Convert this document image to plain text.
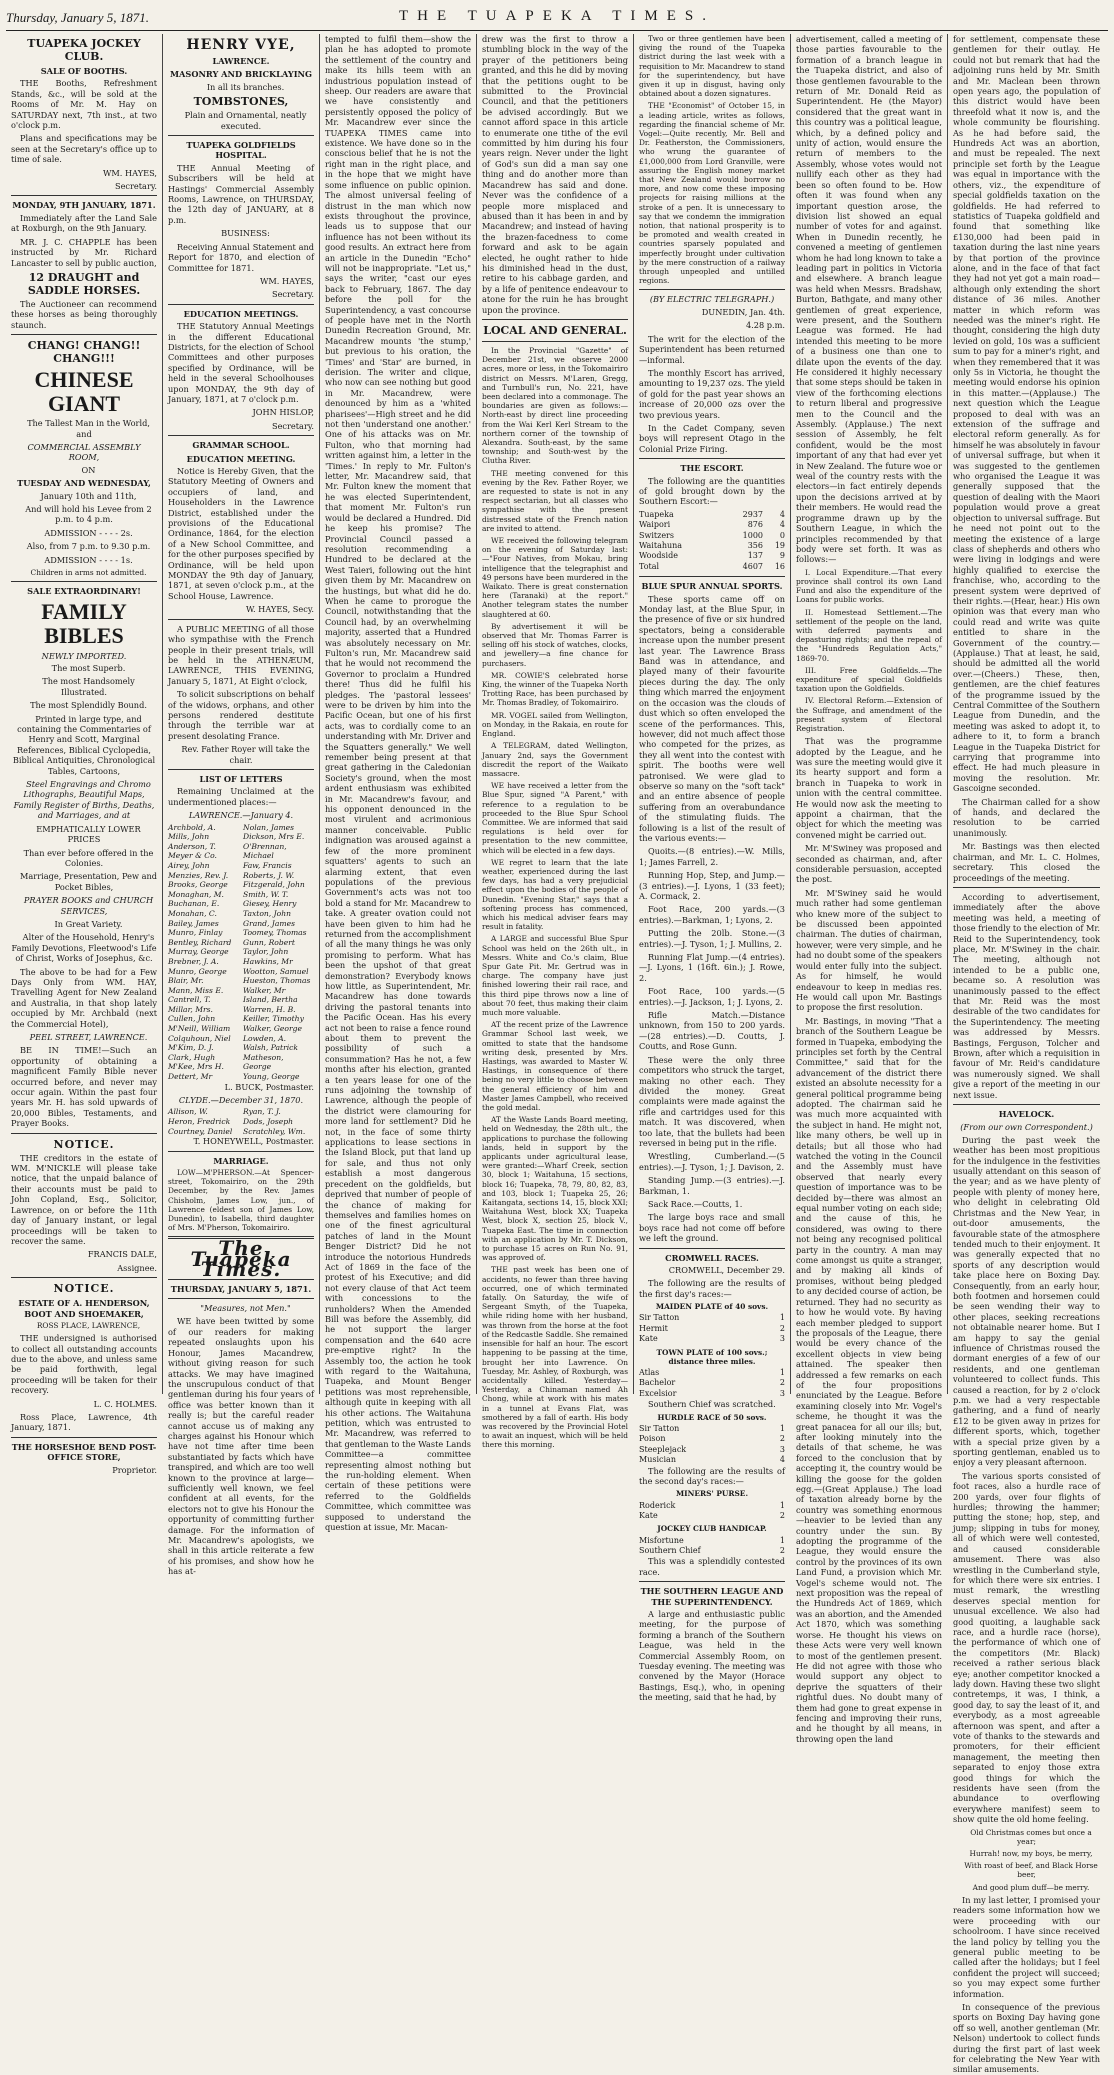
Thursday, January 5, 1871.	THE TUAPEKA TIMES.
TUAPEKA JOCKEY CLUB.
SALE OF BOOTHS.

THE Booths, Refreshment Stands, &c., will be sold at the Rooms of Mr. M. Hay on SATURDAY next, 7th inst., at two o'clock p.m.

Plans and specifications may be seen at the Secretary's office up to time of sale.

WM. HAYES,

Secretary.

MONDAY, 9TH JANUARY, 1871.

Immediately after the Land Sale at Roxburgh, on the 9th January.

MR. J. C. CHAPPLE has been instructed by Mr. Richard Lancaster to sell by public auction,

12 DRAUGHT and SADDLE HORSES.

The Auctioneer can recommend these horses as being thoroughly staunch.

CHANG! CHANG!! CHANG!!!
CHINESE GIANT

The Tallest Man in the World, and

COMMERCIAL ASSEMBLY ROOM,

ON

TUESDAY AND WEDNESDAY,

January 10th and 11th,

And will hold his Levee from 2 p.m. to 4 p.m.

ADMISSION - - - - 2s.

Also, from 7 p.m. to 9.30 p.m.

ADMISSION - - - - 1s.

Children in arms not admitted.

SALE EXTRAORDINARY!
FAMILY BIBLES
NEWLY IMPORTED.

The most Superb.

The most Handsomely Illustrated.

The most Splendidly Bound.

Printed in large type, and containing the Commentaries of Henry and Scott, Marginal References, Biblical Cyclopedia, Biblical Antiquities, Chronological Tables, Cartoons,

Steel Engravings and Chromo Lithographs, Beautiful Maps, Family Register of Births, Deaths, and Marriages, and at

EMPHATICALLY LOWER PRICES

Than ever before offered in the Colonies.

Marriage, Presentation, Pew and Pocket Bibles,

PRAYER BOOKS and CHURCH SERVICES,

In Great Variety.

Alter of the Household, Henry's Family Devotions, Fleetwood's Life of Christ, Works of Josephus, &c.

The above to be had for a Few Days Only from WM. HAY, Travelling Agent for New Zealand and Australia, in that shop lately occupied by Mr. Archbald (next the Commercial Hotel),

PEEL STREET, LAWRENCE.

BE IN TIME!—Such an opportunity of obtaining a magnificent Family Bible never occurred before, and never may occur again. Within the past four years Mr. H. has sold upwards of 20,000 Bibles, Testaments, and Prayer Books.

NOTICE.

THE creditors in the estate of WM. M'NICKLE will please take notice, that the unpaid balance of their accounts must be paid to John Copland, Esq., Solicitor, Lawrence, on or before the 11th day of January instant, or legal proceedings will be taken to recover the same.

FRANCIS DALE,

Assignee.

NOTICE.
ESTATE OF A. HENDERSON, BOOT AND SHOEMAKER,

ROSS PLACE, LAWRENCE,

THE undersigned is authorised to collect all outstanding accounts due to the above, and unless same be paid forthwith, legal proceeding will be taken for their recovery.

L. C. HOLMES.

Ross Place, Lawrence, 4th January, 1871.

THE HORSESHOE BEND POST-OFFICE STORE,

Proprietor.

HENRY VYE,
LAWRENCE.
MASONRY AND BRICKLAYING

In all its branches.

TOMBSTONES,

Plain and Ornamental, neatly executed.

TUAPEKA GOLDFIELDS HOSPITAL.

THE Annual Meeting of Subscribers will be held at Hastings' Commercial Assembly Rooms, Lawrence, on THURSDAY, the 12th day of JANUARY, at 8 p.m.

BUSINESS:

Receiving Annual Statement and Report for 1870, and election of Committee for 1871.

WM. HAYES,

Secretary.

EDUCATION MEETINGS.

THE Statutory Annual Meetings in the different Educational Districts, for the election of School Committees and other purposes specified by Ordinance, will be held in the several Schoolhouses upon MONDAY, the 9th day of January, 1871, at 7 o'clock p.m.

JOHN HISLOP,

Secretary.

GRAMMAR SCHOOL.
EDUCATION MEETING.

Notice is Hereby Given, that the Statutory Meeting of Owners and occupiers of land, and Householders in the Lawrence District, established under the provisions of the Educational Ordinance, 1864, for the election of a New School Committee, and for the other purposes specified by Ordinance, will be held upon MONDAY the 9th day of January, 1871, at seven o'clock p.m., at the School House, Lawrence.

W. HAYES, Secy.

A PUBLIC MEETING of all those who sympathise with the French people in their present trials, will be held in the ATHENÆUM, LAWRENCE, THIS EVENING, January 5, 1871, At Eight o'clock,

To solicit subscriptions on behalf of the widows, orphans, and other persons rendered destitute through the terrible war at present desolating France.

Rev. Father Royer will take the chair.

LIST OF LETTERS

Remaining Unclaimed at the undermentioned places:—

LAWRENCE.—January 4.
Archbold, A.
Mills, John
Anderson, T.
Meyer & Co.
Airey, John
Menzies, Rev. J.
Brooks, George
Monaghan, M.
Buchanan, E.
Monahan, C.
Bailey, James
Munro, Finlay
Bentley, Richard
Murray, George
Brebner, J. A.
Munro, George
Blair, Mr.
Mann, Miss E.
Cantrell, T.
Millar, Mrs.
Cullen, John
M'Neill, William
Colquhoun, Niel
M'Kim, D. J.
Clark, Hugh
M'Kee, Mrs H.
Dettert, Mr
Nolan, James
Dickson, Mrs E.
O'Brennan, Michael
Faw, Francis
Roberts, J. W.
Fitzgerald, John
Smith, W. T.
Giesey, Henry
Taxton, John
Grand, James
Toomey, Thomas
Gunn, Robert
Taylor, John
Hawkins, Mr
Wootton, Samuel
Hueston, Thomas
Walker, Mr
Island, Bertha
Warren, H. B.
Keiller, Timothy
Walker, George
Lowden, A.
Walsh, Patrick
Matheson, George
Young, George

L. BUCK, Postmaster.

CLYDE.—December 31, 1870.
Allison, W.
Heron, Fredrick
Courtney, Daniel
Ryan, T. J.
Dods, Joseph
Scratchley, Wm.

T. HONEYWELL, Postmaster.

MARRIAGE.

LOW—M'PHERSON.—At Spencer-street, Tokomairiro, on the 29th December, by the Rev. James Chisholm, James Low, jun., of Lawrence (eldest son of James Low, Dunedin), to Isabella, third daughter of Mrs. M'Pherson, Tokomairiro.

The Tuapeka Times.
THURSDAY, JANUARY 5, 1871.

"Measures, not Men."

WE have been twitted by some of our readers for making repeated onslaughts upon his Honour, James Macandrew, without giving reason for such attacks. We may have imagined the unscrupulous conduct of that gentleman during his four years of office was better known than it really is; but the careful reader cannot accuse us of making any charges against his Honour which have not time after time been substantiated by facts which have transpired, and which are too well known to the province at large—sufficiently well known, we feel confident at all events, for the electors not to give his Honour the opportunity of committing further damage. For the information of Mr. Macandrew's apologists, we shall in this article reiterate a few of his promises, and show how he has at-

tempted to fulfil them—show the plan he has adopted to promote the settlement of the country and make its hills teem with an industrious population instead of sheep. Our readers are aware that we have consistently and persistently opposed the policy of Mr. Macandrew ever since the TUAPEKA TIMES came into existence. We have done so in the conscious belief that he is not the right man in the right place, and in the hope that we might have some influence on public opinion. The almost universal feeling of distrust in the man which now exists throughout the province, leads us to suppose that our influence has not been without its good results. An extract here from an article in the Dunedin "Echo" will not be inappropriate. "Let us," says the writer, "cast our eyes back to February, 1867. The day before the poll for the Superintendency, a vast concourse of people have met in the North Dunedin Recreation Ground, Mr. Macandrew mounts 'the stump,' but previous to his oration, the 'Times' and 'Star' are burned, in derision. The writer and clique, who now can see nothing but good in Mr. Macandrew, were denounced by him as a 'whited pharisees'—High street and he did not then 'understand one another.' One of his attacks was on Mr. Fulton, who that morning had written against him, a letter in the 'Times.' In reply to Mr. Fulton's letter, Mr. Macandrew said, that Mr. Fulton knew the moment that he was elected Superintendent, that moment Mr. Fulton's run would be declared a Hundred. Did he keep his promise? The Provincial Council passed a resolution recommending a Hundred to be declared at the West Taieri, following out the hint given them by Mr. Macandrew on the hustings, but what did he do. When he came to prorogue the Council, notwithstanding that the Council had, by an overwhelming majority, asserted that a Hundred was absolutely necessary on Mr. Fulton's run, Mr. Macandrew said that he would not recommend the Governor to proclaim a Hundred there! Thus did he fulfil his pledges. The 'pastoral lessees' were to be driven by him into the Pacific Ocean, but one of his first acts, was to cordially come to an understanding with Mr. Driver and the Squatters generally." We well remember being present at that great gathering in the Caledonian Society's ground, when the most ardent enthusiasm was exhibited in Mr. Macandrew's favour, and his opponent denounced in the most virulent and acrimonious manner conceivable. Public indignation was aroused against a few of the more prominent squatters' agents to such an alarming extent, that even populations of the previous Government's acts was not too bold a stand for Mr. Macandrew to take. A greater ovation could not have been given to him had he returned from the accomplishment of all the many things he was only promising to perform. What has been the upshot of that great demonstration? Everybody knows how little, as Superintendent, Mr. Macandrew has done towards driving the pastoral tenants into the Pacific Ocean. Has his every act not been to raise a fence round about them to prevent the possibility of such a consummation? Has he not, a few months after his election, granted a ten years lease for one of the runs adjoining the township of Lawrence, although the people of the district were clamouring for more land for settlement? Did he not, in the face of some thirty applications to lease sections in the Island Block, put that land up for sale, and thus not only establish a most dangerous precedent on the goldfields, but deprived that number of people of the chance of making for themselves and families homes on one of the finest agricultural patches of land in the Mount Benger District? Did he not introduce the notorious Hundreds Act of 1869 in the face of the protest of his Executive; and did not every clause of that Act teem with concessions to the runholders? When the Amended Bill was before the Assembly, did he not support the larger compensation and the 640 acre pre-emptive right? In the Assembly too, the action he took with regard to the Waitahuna, Tuapeka, and Mount Benger petitions was most reprehensible, although quite in keeping with all his other actions. The Waitahuna petition, which was entrusted to Mr. Macandrew, was referred to that gentleman to the Waste Lands Committee—a committee representing almost nothing but the run-holding element. When certain of these petitions were referred to the Goldfields Committee, which committee was supposed to understand the question at issue, Mr. Macan-

drew was the first to throw a stumbling block in the way of the prayer of the petitioners being granted, and this he did by moving that the petitions ought to be submitted to the Provincial Council, and that the petitioners be advised accordingly. But we cannot afford space in this article to enumerate one tithe of the evil committed by him during his four years reign. Never under the light of God's sun did a man say one thing and do another more than Macandrew has said and done. Never was the confidence of a people more misplaced and abused than it has been in and by Macandrew; and instead of having the brazen-facedness to come forward and ask to be again elected, he ought rather to hide his diminished head in the dust, retire to his cabbage garden, and by a life of penitence endeavour to atone for the ruin he has brought upon the province.

LOCAL AND GENERAL.

In the Provincial "Gazette" of December 21st, we observe 2000 acres, more or less, in the Tokomairiro district on Messrs. M'Laren, Gregg, and Turnbull's run, No. 221, have been declared into a commonage. The boundaries are given as follows:—North-east by direct line proceeding from the Wai Kerl Kerl Stream to the northern corner of the township of Alexandra. South-east, by the same township; and South-west by the Clutha River.

THE meeting convened for this evening by the Rev. Father Royer, we are requested to state is not in any respect sectarian, but all classes who sympathise with the present distressed state of the French nation are invited to attend.

WE received the following telegram on the evening of Saturday last:—"Four Natives, from Mokau, bring intelligence that the telegraphist and 49 persons have been murdered in the Waikato. There is great consternation here (Taranaki) at the report." Another telegram states the number slaughtered at 60.

By advertisement it will be observed that Mr. Thomas Farrer is selling off his stock of watches, clocks, and jewellery—a fine chance for purchasers.

MR. COWIE'S celebrated horse King, the winner of the Tuapeka North Trotting Race, has been purchased by Mr. Thomas Bradley, of Tokomairiro.

MR. VOGEL sailed from Wellington, on Monday, in the Rakaia, en route for England.

A TELEGRAM, dated Wellington, January 2nd, says the Government discredit the report of the Waikato massacre.

WE have received a letter from the Blue Spur, signed "A Parent," with reference to a regulation to be proceeded to the Blue Spur School Committee. We are informed that said regulations is held over for presentation to the new committee, which will be elected in a few days.

WE regret to learn that the late weather, experienced during the last few days, has had a very prejudicial effect upon the bodies of the people of Dunedin. "Evening Star," says that a softening process has commenced, which his medical adviser fears may result in fatality.

A LARGE and successful Blue Spur School was held on the 26th ult., in Messrs. White and Co.'s claim, Blue Spur Gate Pit. Mr. Gertrud was in charge. The company have just finished lowering their rail race, and this third pipe throws now a line of about 70 feet, thus making their claim much more valuable.

AT the recent prize of the Lawrence Grammar School last week, we omitted to state that the handsome writing desk, presented by Mrs. Hastings, was awarded to Master W. Hastings, in consequence of there being no very little to choose between the general efficiency of him and Master James Campbell, who received the gold medal.

AT the Waste Lands Board meeting, held on Wednesday, the 28th ult., the applications to purchase the following lands, held in support by the applicants under agricultural lease, were granted:—Wharf Creek, section 30, block 1; Waitahuna, 15 sections, block 16; Tuapeka, 78, 79, 80, 82, 83, and 103, block 1; Tuapeka 25, 26; Kaitangata, sections 14, 15, block XXI; Waitahuna West, block XX; Tuapeka West, block X, section 25, block V., Tuapeka East. The time in connection with an application by Mr. T. Dickson, to purchase 15 acres on Run No. 91, was approved of.

THE past week has been one of accidents, no fewer than three having occurred, one of which terminated fatally. On Saturday, the wife of Sergeant Smyth, of the Tuapeka, while riding home with her husband, was thrown from the horse at the foot of the Redcastle Saddle. She remained insensible for half an hour. The escort happening to be passing at the time, brought her into Lawrence. On Tuesday, Mr. Ashley, of Roxburgh, was accidentally killed. Yesterday—Yesterday, a Chinaman named Ah Chong, while at work with his mates in a tunnel at Evans Flat, was smothered by a fall of earth. His body was recovered by the Provincial Hotel to await an inquest, which will be held there this morning.

Two or three gentlemen have been giving the round of the Tuapeka district during the last week with a requisition to Mr. Macandrew to stand for the superintendency, but have given it up in disgust, having only obtained about a dozen signatures.

THE "Economist" of October 15, in a leading article, writes as follows, regarding the financial scheme of Mr. Vogel:—Quite recently, Mr. Bell and Dr. Featherston, the Commissioners, who wrung the guarantee of £1,000,000 from Lord Granville, were assuring the English money market that New Zealand would borrow no more, and now come these imposing projects for raising millions at the stroke of a pen. It is unnecessary to say that we condemn the immigration notion, that national prosperity is to be promoted and wealth created in countries sparsely populated and imperfectly brought under cultivation by the mere construction of a railway through unpeopled and untilled regions.

(BY ELECTRIC TELEGRAPH.)

DUNEDIN, Jan. 4th.

4.28 p.m.

The writ for the election of the Superintendent has been returned—informal.

The monthly Escort has arrived, amounting to 19,237 ozs. The yield of gold for the past year shows an increase of 20,000 ozs over the two previous years.

In the Cadet Company, seven boys will represent Otago in the Colonial Prize Firing.

THE ESCORT.

The following are the quantities of gold brought down by the Southern Escort:—

Tuapeka	2937	4
Waipori	876	4
Switzers	1000	0
Waitahuna	356	19
Woodside	137	9
Total	4607	16
BLUE SPUR ANNUAL SPORTS.

These sports came off on Monday last, at the Blue Spur, in the presence of five or six hundred spectators, being a considerable increase upon the number present last year. The Lawrence Brass Band was in attendance, and played many of their favourite pieces during the day. The only thing which marred the enjoyment on the occasion was the clouds of dust which so often enveloped the scene of the performances. This, however, did not much affect those who competed for the prizes, as they all went into the contest with spirit. The booths were well patronised. We were glad to observe so many on the "soft tack" and an entire absence of people suffering from an overabundance of the stimulating fluids. The following is a list of the result of the various events:—

Quoits.—(8 entries).—W. Mills, 1; James Farrell, 2.

Running Hop, Step, and Jump.—(3 entries).—J. Lyons, 1 (33 feet); A. Cormack, 2.

Foot Race, 200 yards.—(3 entries).—Barkman, 1; Lyons, 2.

Putting the 20lb. Stone.—(3 entries).—J. Tyson, 1; J. Mullins, 2.

Running Flat Jump.—(4 entries).—J. Lyons, 1 (16ft. 6in.); J. Rowe, 2.

Foot Race, 100 yards.—(5 entries).—J. Jackson, 1; J. Lyons, 2.

Rifle Match.—Distance unknown, from 150 to 200 yards.—(28 entries).—D. Coutts, J. Coutts, and Rose Gunn.

These were the only three competitors who struck the target, making no other each. They divided the money. Great complaints were made against the rifle and cartridges used for this match. It was discovered, when too late, that the bullets had been reversed in being put in the rifle.

Wrestling, Cumberland.—(5 entries).—J. Tyson, 1; J. Davison, 2.

Standing Jump.—(3 entries).—J. Barkman, 1.

Sack Race.—Coutts, 1.

The large boys race and small boys race had not come off before we left the ground.

CROMWELL RACES.

CROMWELL, December 29.

The following are the results of the first day's races:—

MAIDEN PLATE of 40 sovs.
Sir Tatton	1
Hermit	2
Kate	3
TOWN PLATE of 100 sovs.; distance three miles.
Atlas	1
Bachelor	2
Excelsior	3

Southern Chief was scratched.

HURDLE RACE of 50 sovs.
Sir Tatton	1
Poison	2
Steeplejack	3
Musician	4

The following are the results of the second day's races:—

MINERS' PURSE.
Roderick	1
Kate	2
JOCKEY CLUB HANDICAP.
Misfortune	1
Southern Chief	2

This was a splendidly contested race.

THE SOUTHERN LEAGUE AND THE SUPERINTENDENCY.

A large and enthusiastic public meeting, for the purpose of forming a branch of the Southern League, was held in the Commercial Assembly Room, on Tuesday evening. The meeting was convened by the Mayor (Horace Bastings, Esq.), who, in opening the meeting, said that he had, by

advertisement, called a meeting of those parties favourable to the formation of a branch league in the Tuapeka district, and also of those gentlemen favourable to the return of Mr. Donald Reid as Superintendent. He (the Mayor) considered that the great want in this country was a political league, which, by a defined policy and unity of action, would ensure the return of members to the Assembly, whose votes would not nullify each other as they had been so often found to be. How often it was found when any important question arose, the division list showed an equal number of votes for and against. When in Dunedin recently, he convened a meeting of gentlemen whom he had long known to take a leading part in politics in Victoria and elsewhere. A branch league was held when Messrs. Bradshaw, Burton, Bathgate, and many other gentlemen of great experience, were present, and the Southern League was formed. He had intended this meeting to be more of a business one than one to dilate upon the events of the day. He considered it highly necessary that some steps should be taken in view of the forthcoming elections to return liberal and progressive men to the Council and the Assembly. (Applause.) The next session of Assembly, he felt confident, would be the most important of any that had ever yet in New Zealand. The future woe or weal of the country rests with the electors—in fact entirely depends upon the decisions arrived at by their members. He would read the programme drawn up by the Southern League, in which the principles recommended by that body were set forth. It was as follows:—

I. Local Expenditure.—That every province shall control its own Land Fund and also the expenditure of the Loans for public works.

II. Homestead Settlement.—The settlement of the people on the land, with deferred payments and depasturing rights; and the repeal of the "Hundreds Regulation Acts," 1869-70.

III. Free Goldfields.—The expenditure of special Goldfields taxation upon the Goldfields.

IV. Electoral Reform.—Extension of the Suffrage, and amendment of the present system of Electoral Registration.

That was the programme adopted by the League, and he was sure the meeting would give it its hearty support and form a branch in Tuapeka to work in union with the central committee. He would now ask the meeting to appoint a chairman, that the object for which the meeting was convened might be carried out.

Mr. M'Swiney was proposed and seconded as chairman, and, after considerable persuasion, accepted the post.

Mr. M'Swiney said he would much rather had some gentleman who knew more of the subject to be discussed been appointed chairman. The duties of chairman, however, were very simple, and he had no doubt some of the speakers would enter fully into the subject. As for himself, he would endeavour to keep in medias res. He would call upon Mr. Bastings to propose the first resolution.

Mr. Bastings, in moving "That a branch of the Southern League be formed in Tuapeka, embodying the principles set forth by the Central Committee," said that for the advancement of the district there existed an absolute necessity for a general political programme being adopted. The chairman said he was much more acquainted with the subject in hand. He might not, like many others, be well up in details; but all those who had watched the voting in the Council and the Assembly must have observed that nearly every question of importance was to be decided by—there was almost an equal number voting on each side; and the cause of this, he considered, was owing to there not being any recognised political party in the country. A man may come amongst us quite a stranger, and by making all kinds of promises, without being pledged to any decided course of action, be returned. They had no security as to how he would vote. By having each member pledged to support the proposals of the League, there would be every chance of the excellent objects in view being attained. The speaker then addressed a few remarks on each of the four propositions enunciated by the League. Before examining closely into Mr. Vogel's scheme, he thought it was the great panacea for all our ills; but, after looking minutely into the details of that scheme, he was forced to the conclusion that by accepting it, the country would be killing the goose for the golden egg.—(Great Applause.) The load of taxation already borne by the country was something enormous—heavier to be levied than any country under the sun. By adopting the programme of the League, they would ensure the control by the provinces of its own Land Fund, a provision which Mr. Vogel's scheme would not. The next proposition was the repeal of the Hundreds Act of 1869, which was an abortion, and the Amended Act 1870, which was something worse. He thought his views on these Acts were very well known to most of the gentlemen present. He did not agree with those who would support any object to deprive the squatters of their rightful dues. No doubt many of them had gone to great expense in fencing and improving their runs, and he thought by all means, in throwing open the land

for settlement, compensate these gentlemen for their outlay. He could not but remark that had the adjoining runs held by Mr. Smith and Mr. Maclean been thrown open years ago, the population of this district would have been threefold what it now is, and the whole community be flourishing. As he had before said, the Hundreds Act was an abortion, and must be repealed. The next principle set forth by the League was equal in importance with the others, viz., the expenditure of special goldfields taxation on the goldfields. He had referred to statistics of Tuapeka goldfield and found that something like £130,000 had been paid in taxation during the last nine years by that portion of the province alone, and in the face of that fact they had not yet got a main road—although only extending the short distance of 36 miles. Another matter in which reform was needed was the miner's right. He thought, considering the high duty levied on gold, 10s was a sufficient sum to pay for a miner's right, and when they remembered that it was only 5s in Victoria, he thought the meeting would endorse his opinion in this matter.—(Applause.) The next question which the League proposed to deal with was an extension of the suffrage and electoral reform generally. As for himself he was absolutely in favour of universal suffrage, but when it was suggested to the gentlemen who organised the League it was generally supposed that the question of dealing with the Maori population would prove a great objection to universal suffrage. But he need not point out to the meeting the existence of a large class of shepherds and others who were living in lodgings and were highly qualified to exercise the franchise, who, according to the present system were deprived of their rights.—(Hear, hear.) His own opinion was that every man who could read and write was quite entitled to share in the Government of the country.—(Applause.) That at least, he said, should be admitted all the world over.—(Cheers.) These, then, gentlemen, are the chief features of the programme issued by the Central Committee of the Southern League from Dunedin, and the meeting was asked to adopt it, to adhere to it, to form a branch League in the Tuapeka District for carrying that programme into effect. He had much pleasure in moving the resolution. Mr. Gascoigne seconded.

The Chairman called for a show of hands, and declared the resolution to be carried unanimously.

Mr. Bastings was then elected chairman, and Mr. L. C. Holmes, secretary. This closed the proceedings of the meeting.

According to advertisement, immediately after the above meeting was held, a meeting of those friendly to the election of Mr. Reid to the Superintendency, took place, Mr. M'Swiney in the chair. The meeting, although not intended to be a public one, became so. A resolution was unanimously passed to the effect that Mr. Reid was the most desirable of the two candidates for the Superintendency. The meeting was addressed by Messrs. Bastings, Ferguson, Tolcher and Brown, after which a requisition in favour of Mr. Reid's candidature was numerously signed. We shall give a report of the meeting in our next issue.

HAVELOCK.
(From our own Correspondent.)

During the past week the weather has been most propitious for the indulgence in the festivities usually attendant on this season of the year; and as we have plenty of people with plenty of money here, who delight in celebrating Old Christmas and the New Year, in out-door amusements, the favourable state of the atmosphere tended much to their enjoyment. It was generally expected that no sports of any description would take place here on Boxing Day. Consequently, from an early hour, both footmen and horsemen could be seen wending their way to other places, seeking recreations not obtainable nearer home. But I am happy to say the genial influence of Christmas roused the dormant energies of a few of our residents, and one gentleman volunteered to collect funds. This caused a reaction, for by 2 o'clock p.m. we had a very respectable gathering, and a fund of nearly £12 to be given away in prizes for different sports, which, together with a special prize given by a sporting gentleman, enabled us to enjoy a very pleasant afternoon.

The various sports consisted of foot races, also a hurdle race of 200 yards, over four flights of hurdles; throwing the hammer; putting the stone; hop, step, and jump; slipping in tubs for money, all of which were well contested, and caused considerable amusement. There was also wrestling in the Cumberland style, for which there were six entries. I must remark, the wrestling deserves special mention for unusual excellence. We also had good quoiting, a laughable sack race, and a hurdle race (horse), the performance of which one of the competitors (Mr. Black) received a rather serious black eye; another competitor knocked a lady down. Having these two slight contretemps, it was, I think, a good day, to say the least of it, and everybody, as a most agreeable afternoon was spent, and after a vote of thanks to the stewards and promoters, for their efficient management, the meeting then separated to enjoy those extra good things for which the residents have seen (from the abundance to overflowing everywhere manifest) seem to show quite the old home feeling.

Old Christmas comes but once a year;

Hurrah! now, my boys, be merry,

With roast of beef, and Black Horse beer,

And good plum duff—be merry.

In my last letter, I promised your readers some information how we were proceeding with our schoolroom. I have since received the land policy by telling you the general public meeting to be called after the holidays; but I feel confident the project will succeed; so you may expect some further information.

In consequence of the previous sports on Boxing Day having gone off so well, another gentleman (Mr. Nelson) undertook to collect funds during the first part of last week for celebrating the New Year with similar amusements.
